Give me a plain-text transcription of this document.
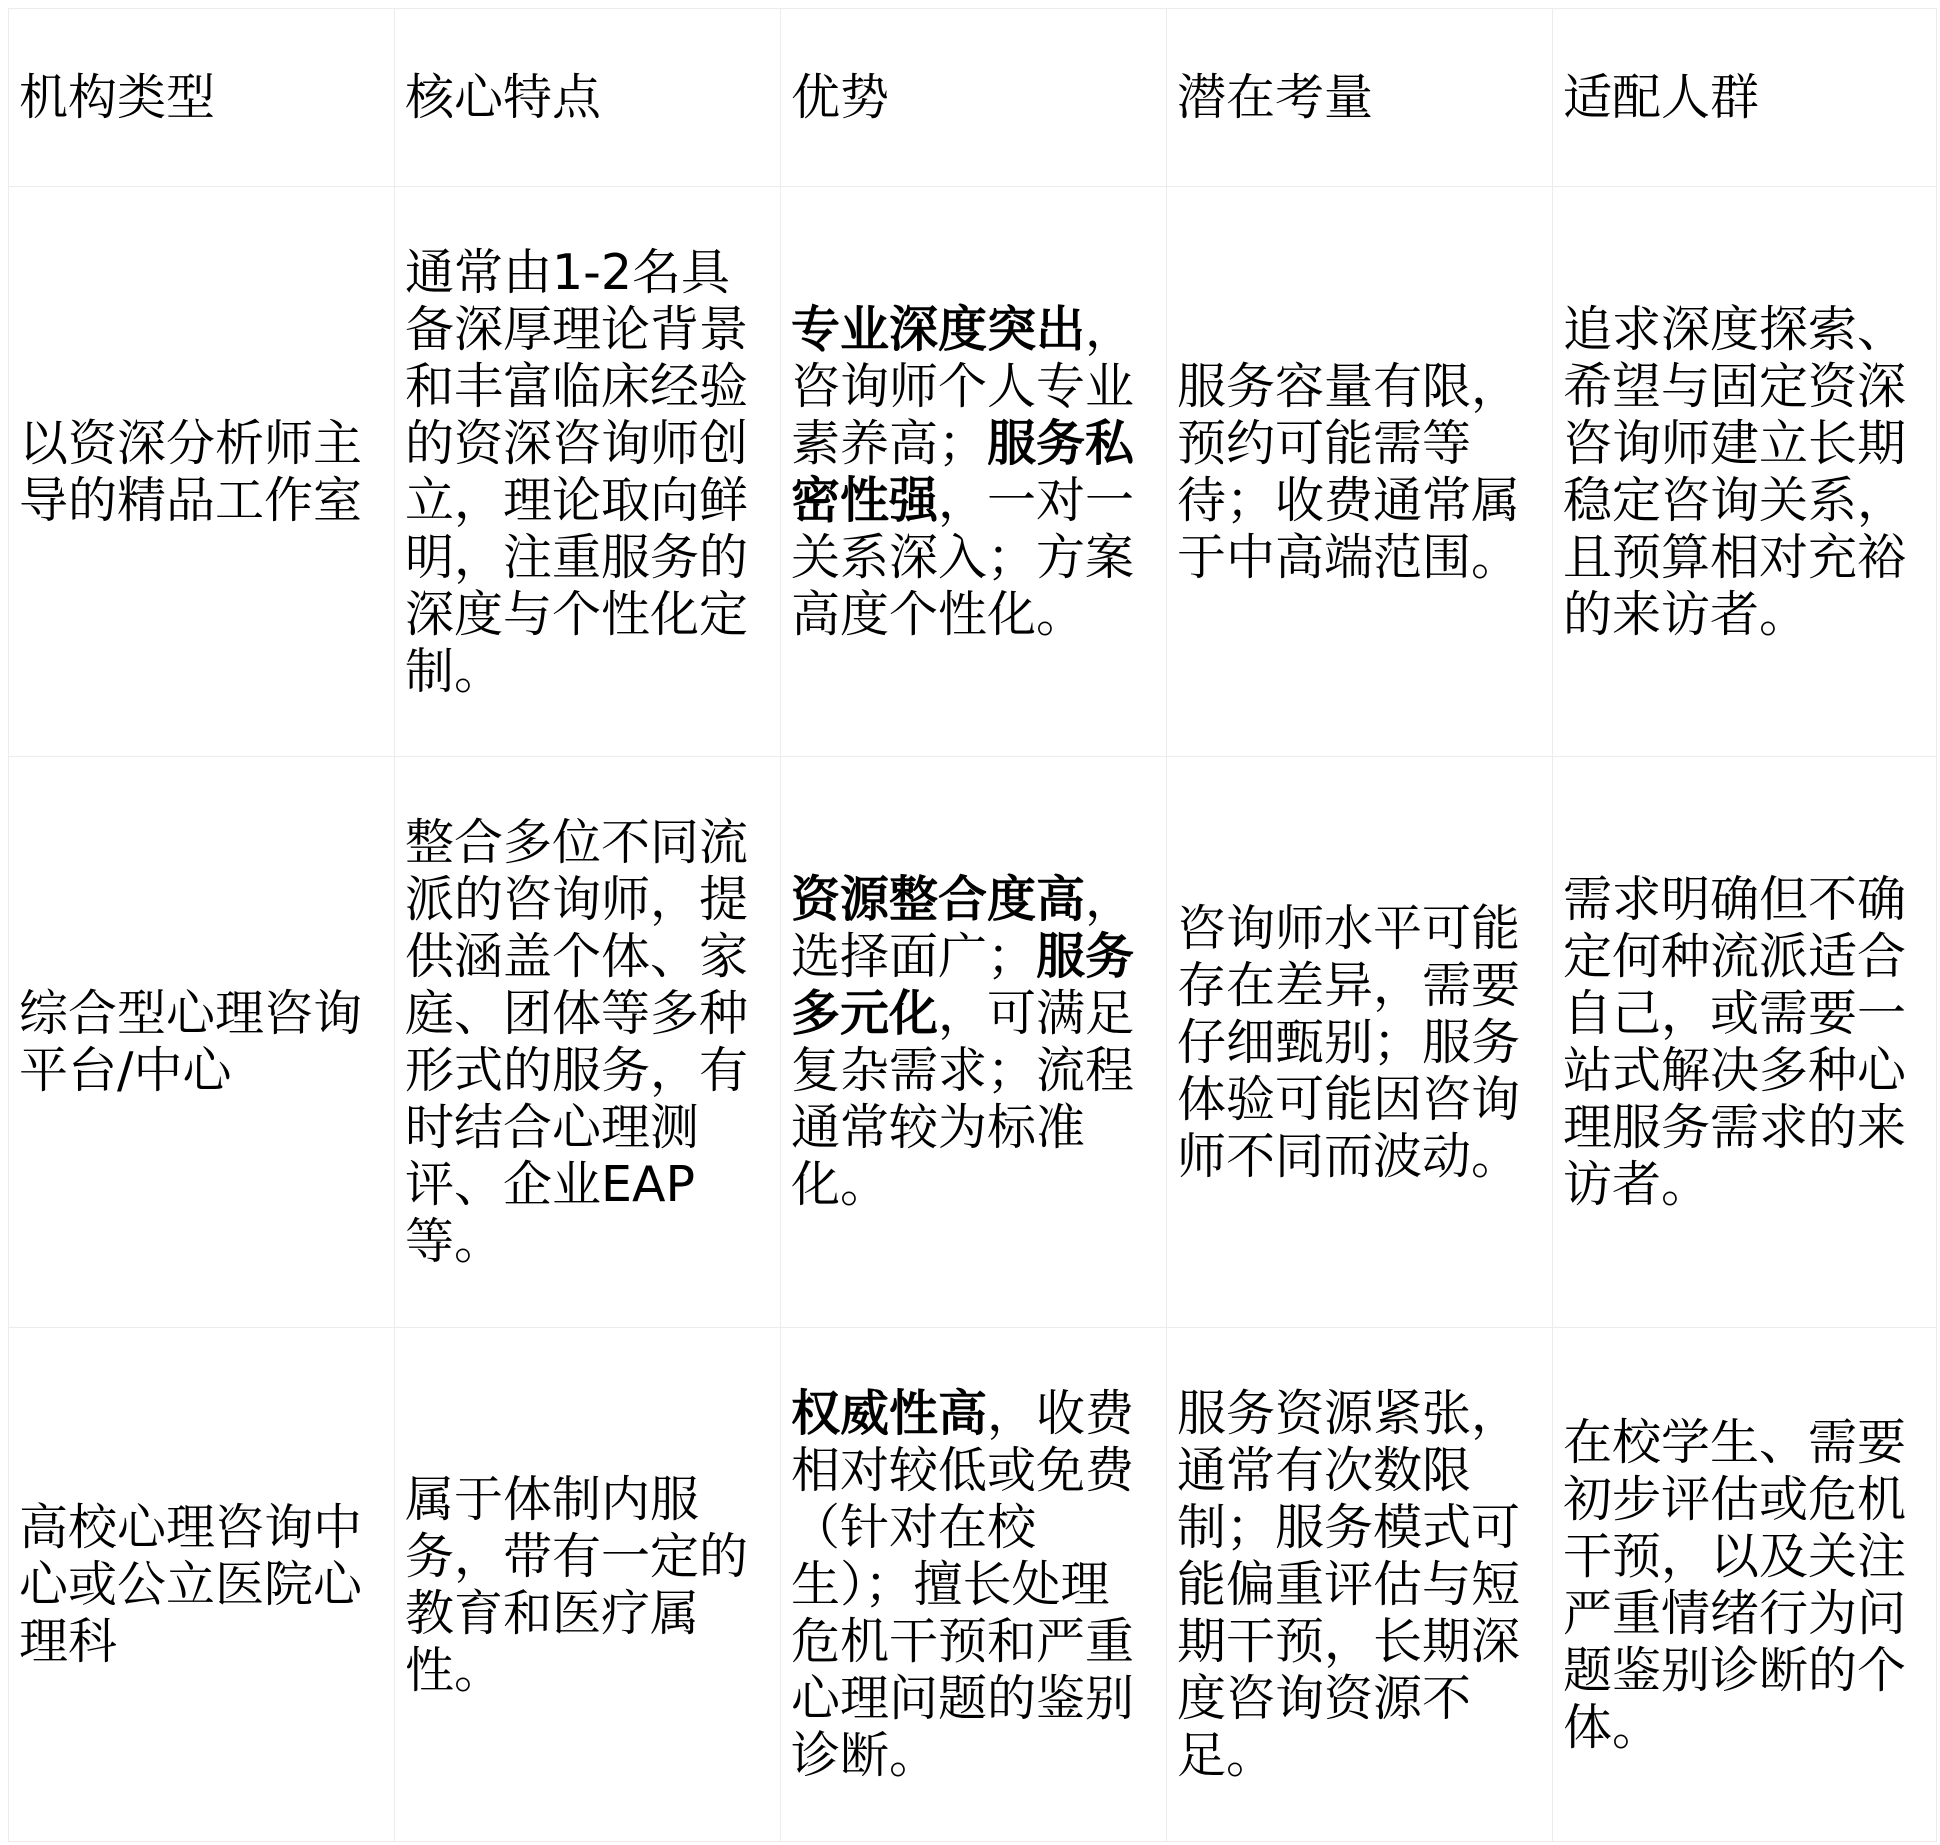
机构类型	核心特点	优势	潜在考量	适配人群
以资深分析师主导的精品工作室	通常由1-2名具备深厚理论背景和丰富临床经验的资深咨询师创立，理论取向鲜明，注重服务的深度与个性化定制。	专业深度突出，咨询师个人专业素养高；服务私密性强，一对一关系深入；方案高度个性化。	服务容量有限，预约可能需等待；收费通常属于中高端范围。	追求深度探索、希望与固定资深咨询师建立长期稳定咨询关系，且预算相对充裕的来访者。
综合型心理咨询平台/中心	整合多位不同流派的咨询师，提供涵盖个体、家庭、团体等多种形式的服务，有时结合心理测评、企业EAP等。	资源整合度高，选择面广；服务多元化，可满足复杂需求；流程通常较为标准化。	咨询师水平可能存在差异，需要仔细甄别；服务体验可能因咨询师不同而波动。	需求明确但不确定何种流派适合自己，或需要一站式解决多种心理服务需求的来访者。
高校心理咨询中心或公立医院心理科	属于体制内服务，带有一定的教育和医疗属性。	权威性高，收费相对较低或免费（针对在校生）；擅长处理危机干预和严重心理问题的鉴别诊断。	服务资源紧张，通常有次数限制；服务模式可能偏重评估与短期干预，长期深度咨询资源不足。	在校学生、需要初步评估或危机干预，以及关注严重情绪行为问题鉴别诊断的个体。
